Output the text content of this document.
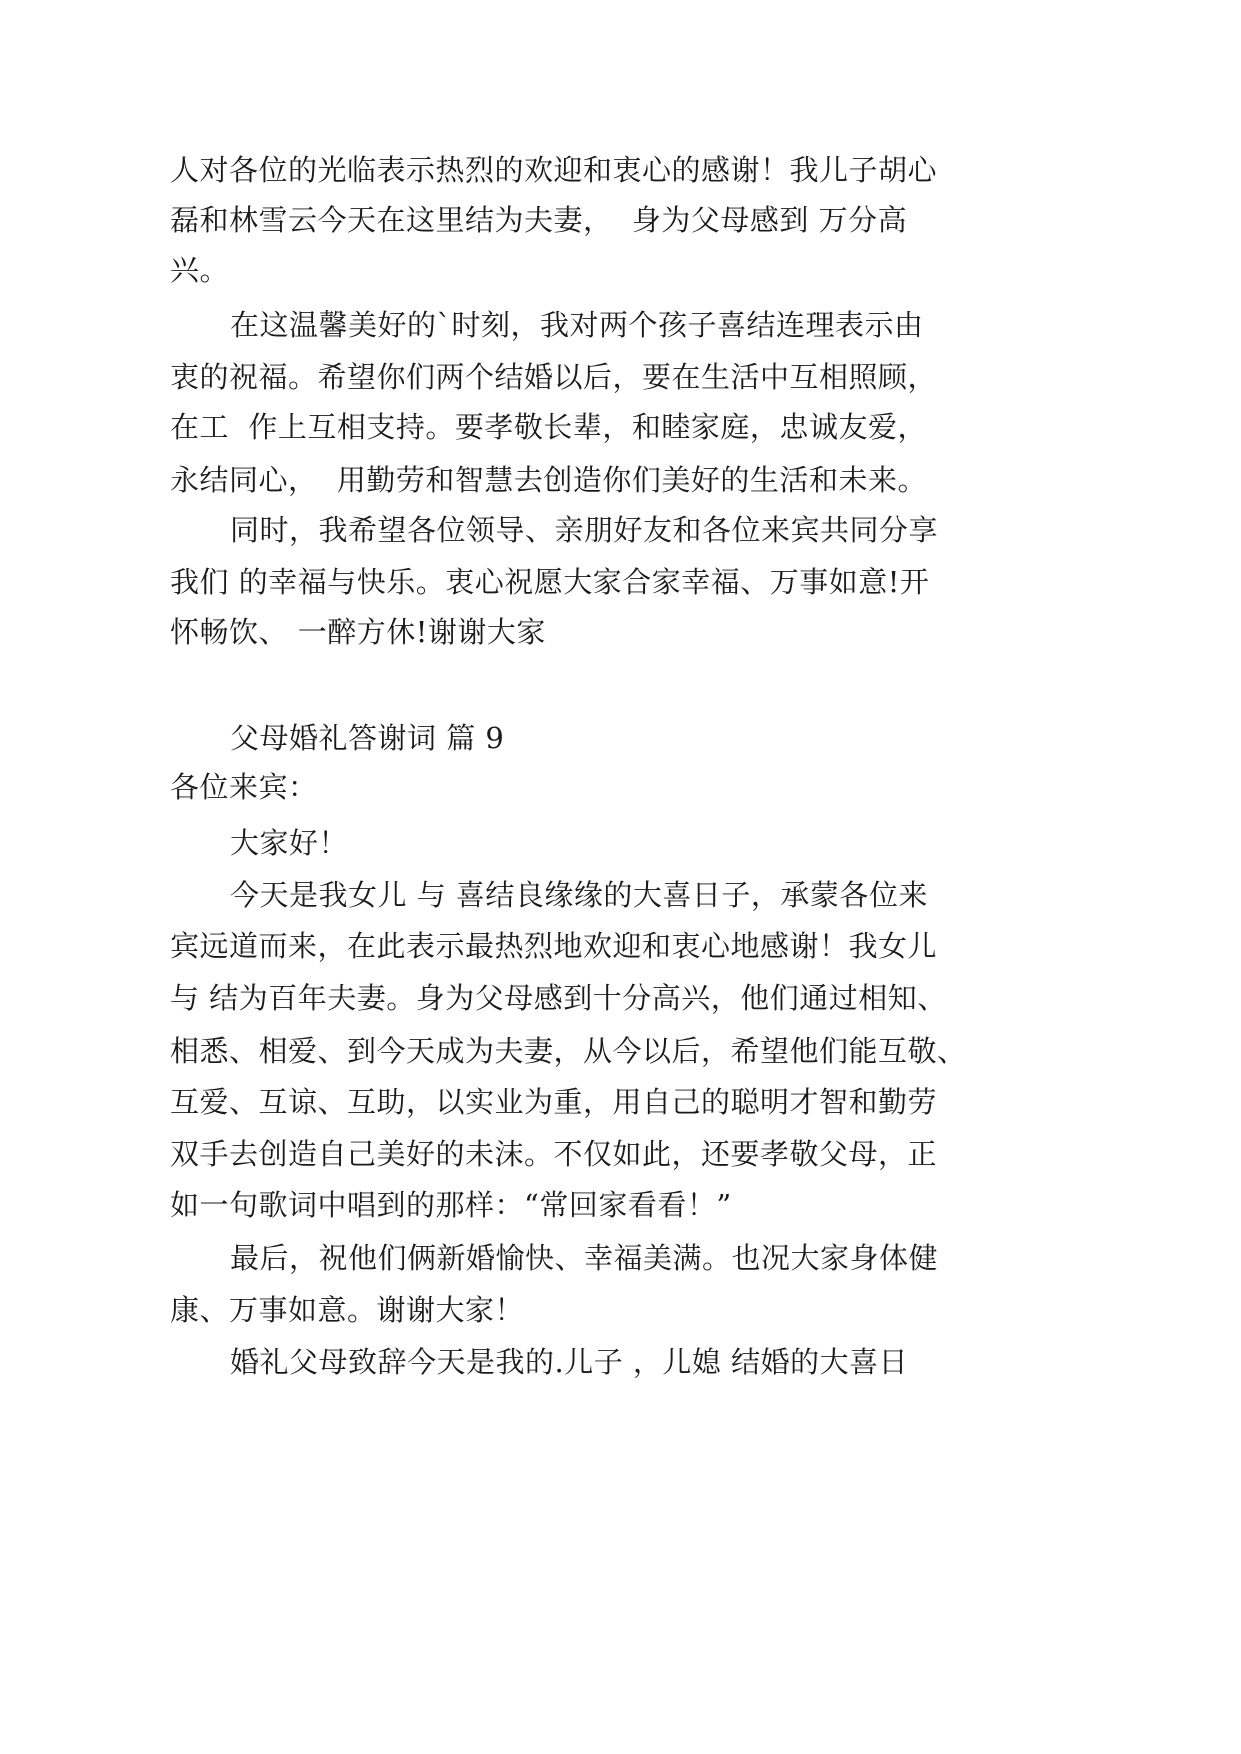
人对各位的光临表示热烈的欢迎和衷心的感谢！我儿子胡心
磊和林雪云今天在这里结为夫妻，  身为父母感到 万分高
兴。
在这温馨美好的`时刻，我对两个孩子喜结连理表示由
衷的祝福。希望你们两个结婚以后，要在生活中互相照顾，
在工  作上互相支持。要孝敬长辈，和睦家庭，忠诚友爱，
永结同心，  用勤劳和智慧去创造你们美好的生活和未来。
同时，我希望各位领导、亲朋好友和各位来宾共同分享
我们 的幸福与快乐。衷心祝愿大家合家幸福、万事如意!开
怀畅饮、 一醉方休!谢谢大家
父母婚礼答谢词 篇 9
各位来宾：
大家好！
今天是我女儿 与 喜结良缘缘的大喜日子，承蒙各位来
宾远道而来，在此表示最热烈地欢迎和衷心地感谢！我女儿
与 结为百年夫妻。身为父母感到十分高兴，他们通过相知、
相悉、相爱、到今天成为夫妻，从今以后，希望他们能互敬、
互爱、互谅、互助，以实业为重，用自己的聪明才智和勤劳
双手去创造自己美好的未沫。不仅如此，还要孝敬父母，正
如一句歌词中唱到的那样：“常回家看看！”
最后，祝他们俩新婚愉快、幸福美满。也况大家身体健
康、万事如意。谢谢大家！
婚礼父母致辞今天是我的.儿子 ，儿媳 结婚的大喜日
